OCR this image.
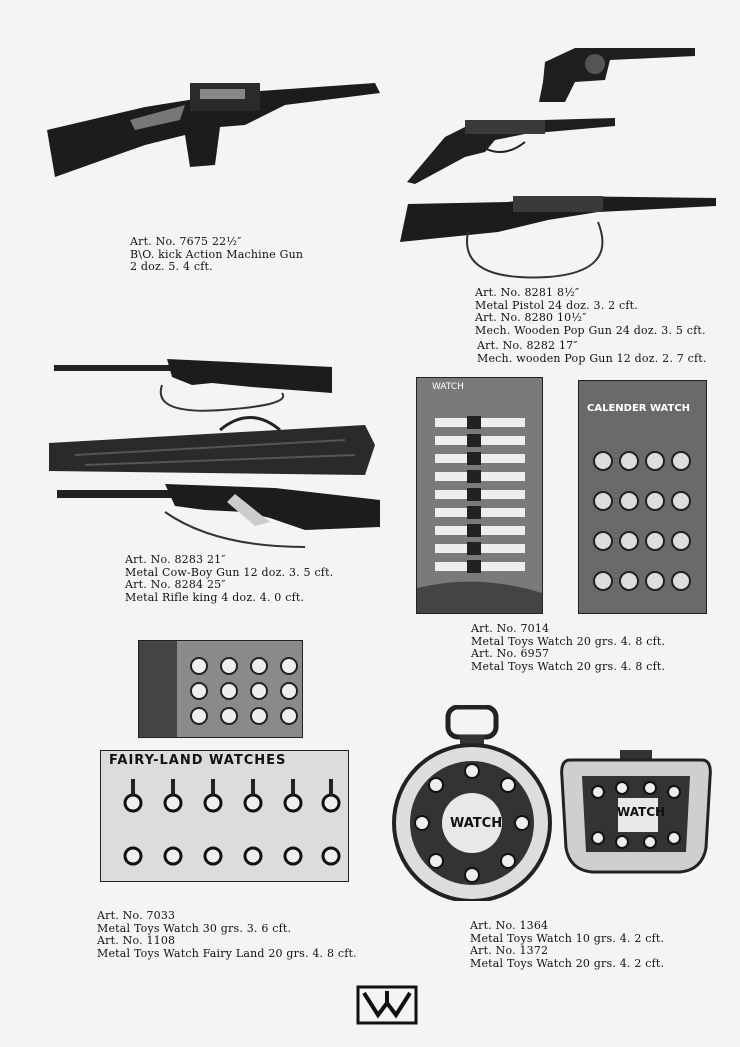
Art. No. 7675 22½″
B\O. kick Action Machine Gun
2 doz. 5. 4 cft.
Art. No. 8281 8½″
Metal Pistol 24 doz. 3. 2 cft.
Art. No. 8280 10½″
Mech. Wooden Pop Gun 24 doz. 3. 5 cft.
Art. No. 8282 17″
Mech. wooden Pop Gun 12 doz. 2. 7 cft.
Art. No. 8283 21″
Metal Cow-Boy Gun 12 doz. 3. 5 cft.
Art. No. 8284 25″
Metal Rifle king 4 doz. 4. 0 cft.
WATCH
CALENDER WATCH
Art. No. 7014
Metal Toys Watch 20 grs. 4. 8 cft.
Art. No. 6957
Metal Toys Watch 20 grs. 4. 8 cft.
FAIRY-LAND WATCHES
Art. No. 7033
Metal Toys Watch 30 grs. 3. 6 cft.
Art. No. 1108
Metal Toys Watch Fairy Land 20 grs. 4. 8 cft.
WATCH
WATCH
Art. No. 1364
Metal Toys Watch 10 grs. 4. 2 cft.
Art. No. 1372
Metal Toys Watch 20 grs. 4. 2 cft.
